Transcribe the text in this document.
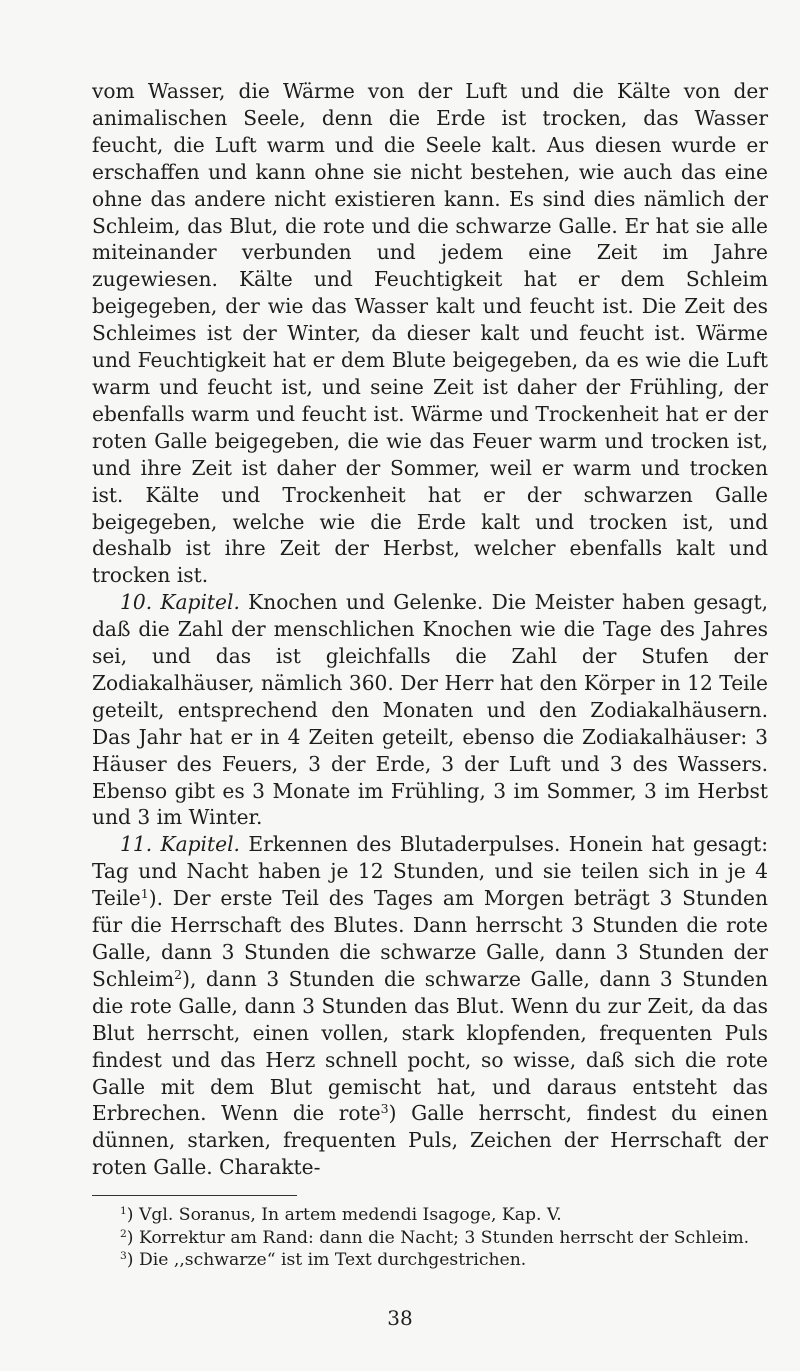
vom Wasser, die Wärme von der Luft und die Kälte von der animalischen Seele, denn die Erde ist trocken, das Wasser feucht, die Luft warm und die Seele kalt. Aus diesen wurde er erschaffen und kann ohne sie nicht bestehen, wie auch das eine ohne das andere nicht existieren kann. Es sind dies nämlich der Schleim, das Blut, die rote und die schwarze Galle. Er hat sie alle miteinander verbunden und jedem eine Zeit im Jahre zugewiesen. Kälte und Feuchtigkeit hat er dem Schleim beigegeben, der wie das Wasser kalt und feucht ist. Die Zeit des Schleimes ist der Winter, da dieser kalt und feucht ist. Wärme und Feuchtigkeit hat er dem Blute beigegeben, da es wie die Luft warm und feucht ist, und seine Zeit ist daher der Frühling, der ebenfalls warm und feucht ist. Wärme und Trockenheit hat er der roten Galle beigegeben, die wie das Feuer warm und trocken ist, und ihre Zeit ist daher der Sommer, weil er warm und trocken ist. Kälte und Trockenheit hat er der schwarzen Galle beigegeben, welche wie die Erde kalt und trocken ist, und deshalb ist ihre Zeit der Herbst, welcher ebenfalls kalt und trocken ist.

10. Kapitel. Knochen und Gelenke. Die Meister haben gesagt, daß die Zahl der menschlichen Knochen wie die Tage des Jahres sei, und das ist gleichfalls die Zahl der Stufen der Zodiakalhäuser, nämlich 360. Der Herr hat den Körper in 12 Teile geteilt, entsprechend den Monaten und den Zodiakalhäusern. Das Jahr hat er in 4 Zeiten geteilt, ebenso die Zodiakalhäuser: 3 Häuser des Feuers, 3 der Erde, 3 der Luft und 3 des Wassers. Ebenso gibt es 3 Monate im Frühling, 3 im Sommer, 3 im Herbst und 3 im Winter.

11. Kapitel. Erkennen des Blutaderpulses. Honein hat gesagt: Tag und Nacht haben je 12 Stunden, und sie teilen sich in je 4 Teile$^1$). Der erste Teil des Tages am Morgen beträgt 3 Stunden für die Herrschaft des Blutes. Dann herrscht 3 Stunden die rote Galle, dann 3 Stunden die schwarze Galle, dann 3 Stunden der Schleim$^2$), dann 3 Stunden die schwarze Galle, dann 3 Stunden die rote Galle, dann 3 Stunden das Blut. Wenn du zur Zeit, da das Blut herrscht, einen vollen, stark klopfenden, frequenten Puls findest und das Herz schnell pocht, so wisse, daß sich die rote Galle mit dem Blut gemischt hat, und daraus entsteht das Erbrechen. Wenn die rote$^3$) Galle herrscht, findest du einen dünnen, starken, frequenten Puls, Zeichen der Herrschaft der roten Galle. Charakte-

$^1$) Vgl. Soranus, In artem medendi Isagoge, Kap. V.

$^2$) Korrektur am Rand: dann die Nacht; 3 Stunden herrscht der Schleim.

$^3$) Die ,,schwarze“ ist im Text durchgestrichen.

38
